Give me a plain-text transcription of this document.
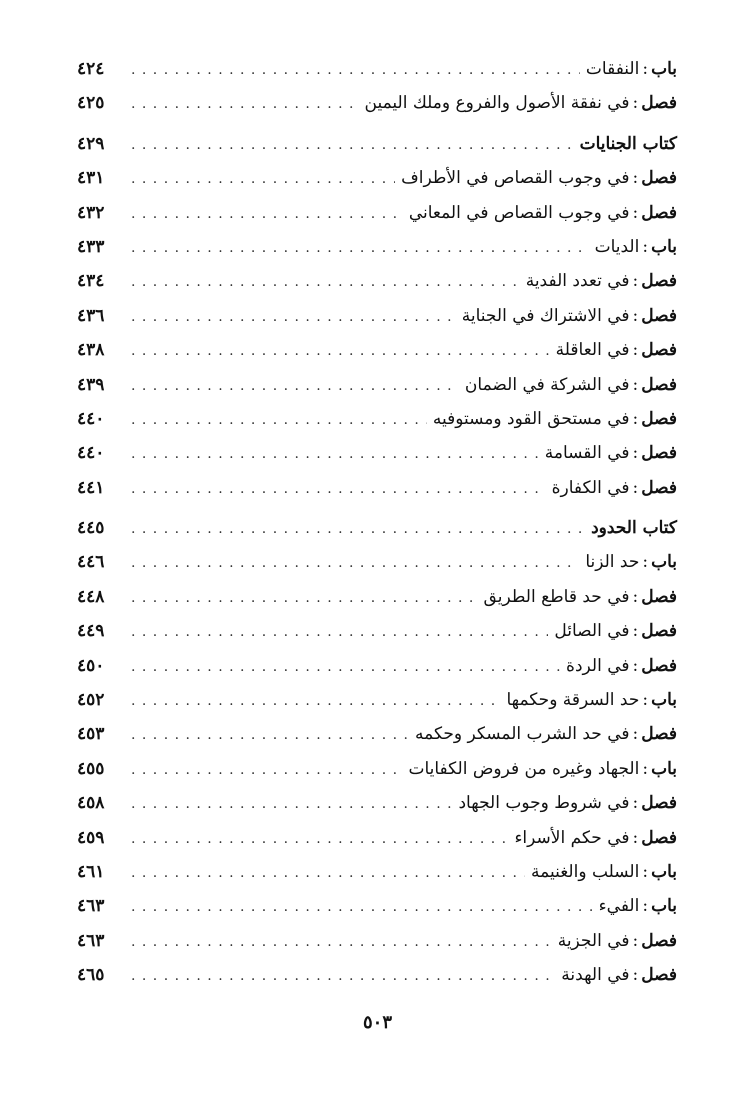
باب:النفقات
. . .
٤٢٤
فصل:في نفقة الأصول والفروع وملك اليمين
. . .
٤٢٥
كتاب الجنايات
. . .
٤٢٩
فصل:في وجوب القصاص في الأطراف
. . .
٤٣١
فصل:في وجوب القصاص في المعاني
. . .
٤٣٢
باب:الديات
. . .
٤٣٣
فصل:في تعدد الفدية
. . .
٤٣٤
فصل:في الاشتراك في الجناية
. . .
٤٣٦
فصل:في العاقلة
. . .
٤٣٨
فصل:في الشركة في الضمان
. . .
٤٣٩
فصل:في مستحق القود ومستوفيه
. . .
٤٤٠
فصل:في القسامة
. . .
٤٤٠
فصل:في الكفارة
. . .
٤٤١
كتاب الحدود
. . .
٤٤٥
باب:حد الزنا
. . .
٤٤٦
فصل:في حد قاطع الطريق
. . .
٤٤٨
فصل:في الصائل
. . .
٤٤٩
فصل:في الردة
. . .
٤٥٠
باب:حد السرقة وحكمها
. . .
٤٥٢
فصل:في حد الشرب المسكر وحكمه
. . .
٤٥٣
باب:الجهاد وغيره من فروض الكفايات
. . .
٤٥٥
فصل:في شروط وجوب الجهاد
. . .
٤٥٨
فصل:في حكم الأسراء
. . .
٤٥٩
باب:السلب والغنيمة
. . .
٤٦١
باب:الفيء
. . .
٤٦٣
فصل:في الجزية
. . .
٤٦٣
فصل:في الهدنة
. . .
٤٦٥
٥٠٣
